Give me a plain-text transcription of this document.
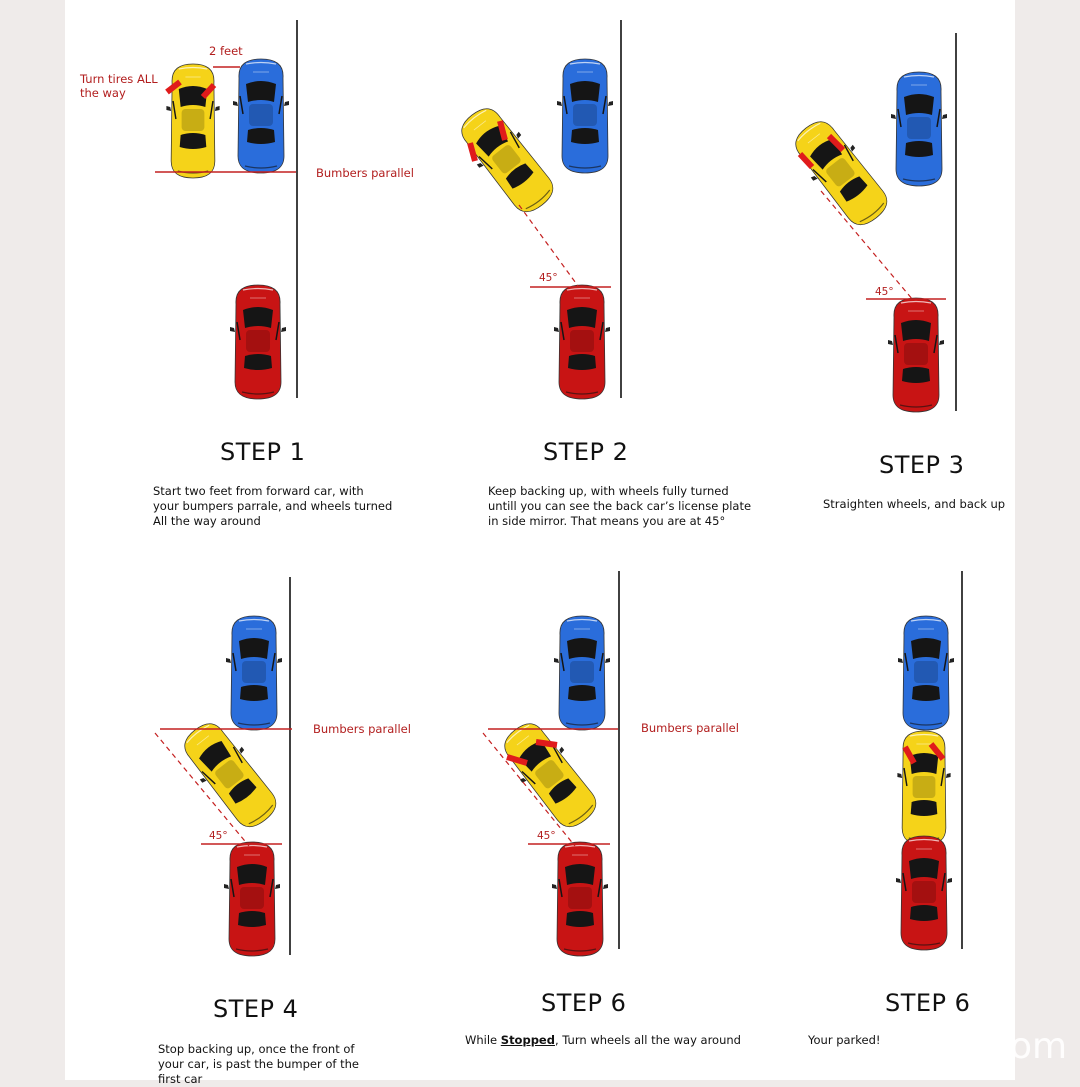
STEP 1

Start two feet from forward car, with
your bumpers parrale, and wheels turned
All the way around

2 feet

Turn tires ALL
the way

Bumbers parallel

STEP 2

Keep backing up, with wheels fully turned
untill you can see the back car’s license plate
in side mirror. That means you are at 45°

45°
STEP 3

Straighten wheels, and back up

45°
STEP 4

Stop backing up, once the front of
your car, is past the bumper of the
first car

Bumbers parallel

45°
STEP 6

While Stopped, Turn wheels all the way around

Bumbers parallel

45°
STEP 6

Your parked!	om
